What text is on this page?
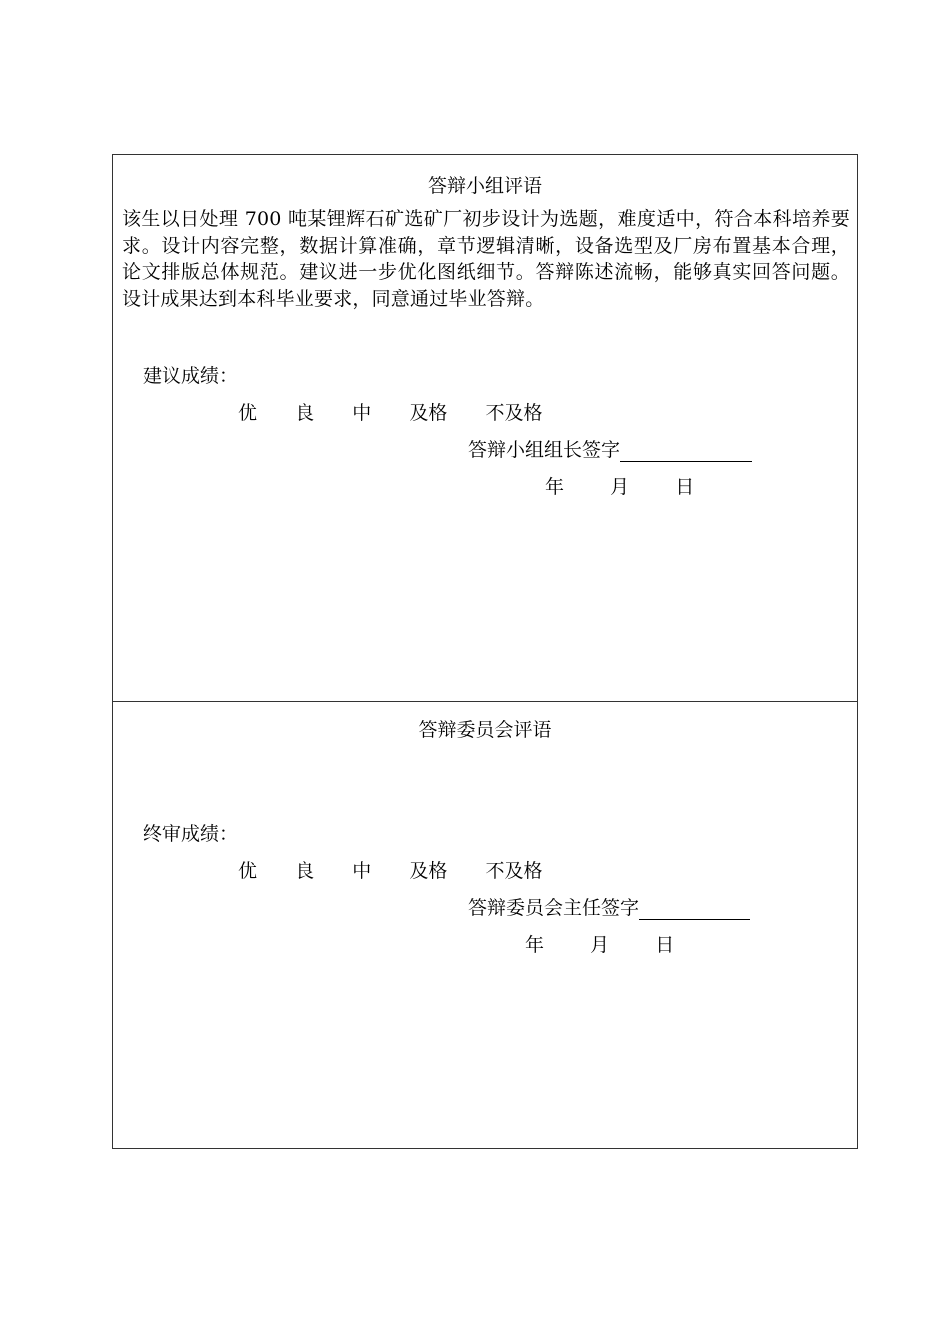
答辩小组评语
该生以日处理 700 吨某锂辉石矿选矿厂初步设计为选题，难度适中，符合本科培养要求。设计内容完整，数据计算准确，章节逻辑清晰，设备选型及厂房布置基本合理，论文排版总体规范。建议进一步优化图纸细节。答辩陈述流畅，能够真实回答问题。设计成果达到本科毕业要求，同意通过毕业答辩。
建议成绩：
优 良 中 及格 不及格
答辩小组组长签字
年 月 日
答辩委员会评语
终审成绩：
优 良 中 及格 不及格
答辩委员会主任签字
年 月 日
